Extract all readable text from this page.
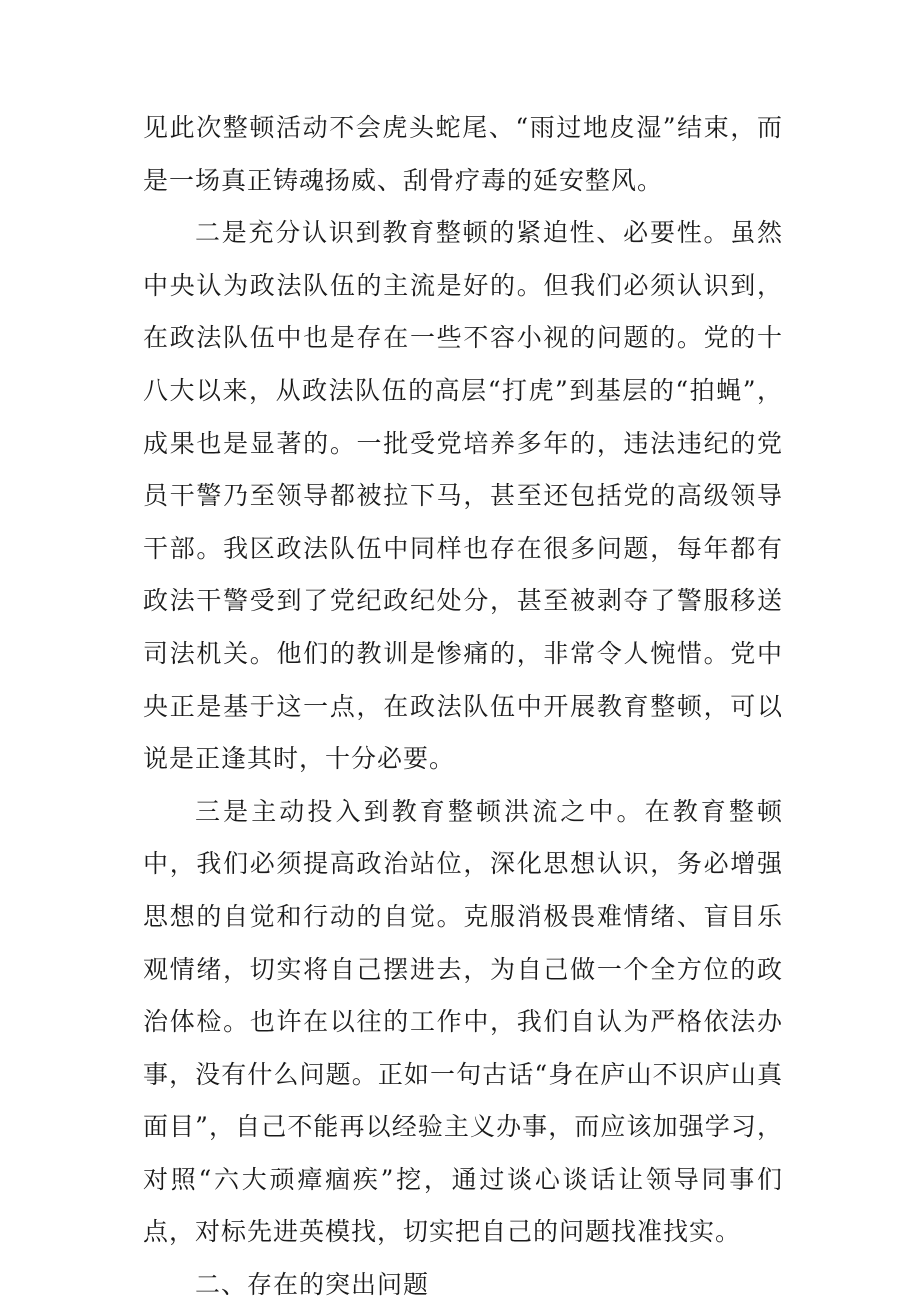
见此次整顿活动不会虎头蛇尾、“雨过地皮湿”结束，而是一场真正铸魂扬威、刮骨疗毒的延安整风。

二是充分认识到教育整顿的紧迫性、必要性。虽然中央认为政法队伍的主流是好的。但我们必须认识到，在政法队伍中也是存在一些不容小视的问题的。党的十八大以来，从政法队伍的高层“打虎”到基层的“拍蝇”，成果也是显著的。一批受党培养多年的，违法违纪的党员干警乃至领导都被拉下马，甚至还包括党的高级领导干部。我区政法队伍中同样也存在很多问题，每年都有政法干警受到了党纪政纪处分，甚至被剥夺了警服移送司法机关。他们的教训是惨痛的，非常令人惋惜。党中央正是基于这一点，在政法队伍中开展教育整顿，可以说是正逢其时，十分必要。

三是主动投入到教育整顿洪流之中。在教育整顿中，我们必须提高政治站位，深化思想认识，务必增强思想的自觉和行动的自觉。克服消极畏难情绪、盲目乐观情绪，切实将自己摆进去，为自己做一个全方位的政治体检。也许在以往的工作中，我们自认为严格依法办事，没有什么问题。正如一句古话“身在庐山不识庐山真面目”，自己不能再以经验主义办事，而应该加强学习，对照“六大顽瘴痼疾”挖，通过谈心谈话让领导同事们点，对标先进英模找，切实把自己的问题找准找实。

二、存在的突出问题
